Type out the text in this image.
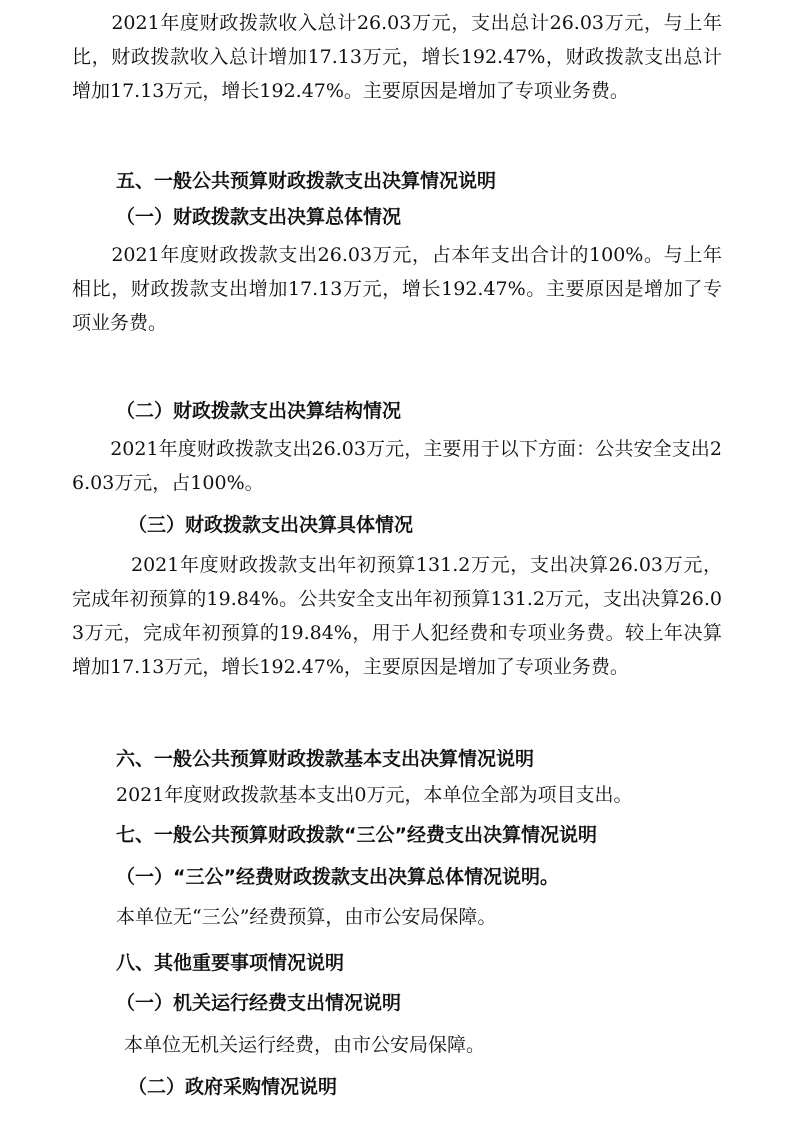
　　2021年度财政拨款收入总计26.03万元，支出总计26.03万元，与上年比，财政拨款收入总计增加17.13万元，增长192.47%，财政拨款支出总计增加17.13万元，增长192.47%。主要原因是增加了专项业务费。

五、一般公共预算财政拨款支出决算情况说明
（一）财政拨款支出决算总体情况

　　2021年度财政拨款支出26.03万元，占本年支出合计的100%。与上年相比，财政拨款支出增加17.13万元，增长192.47%。主要原因是增加了专项业务费。

（二）财政拨款支出决算结构情况

　　2021年度财政拨款支出26.03万元，主要用于以下方面：公共安全支出26.03万元，占100%。

（三）财政拨款支出决算具体情况

　　　2021年度财政拨款支出年初预算131.2万元，支出决算26.03万元，完成年初预算的19.84%。公共安全支出年初预算131.2万元，支出决算26.03万元，完成年初预算的19.84%，用于人犯经费和专项业务费。较上年决算增加17.13万元，增长192.47%，主要原因是增加了专项业务费。

六、一般公共预算财政拨款基本支出决算情况说明

2021年度财政拨款基本支出0万元，本单位全部为项目支出。

七、一般公共预算财政拨款“三公”经费支出决算情况说明
（一）“三公”经费财政拨款支出决算总体情况说明。

本单位无“三公”经费预算，由市公安局保障。

八、其他重要事项情况说明
（一）机关运行经费支出情况说明

本单位无机关运行经费，由市公安局保障。

（二）政府采购情况说明
